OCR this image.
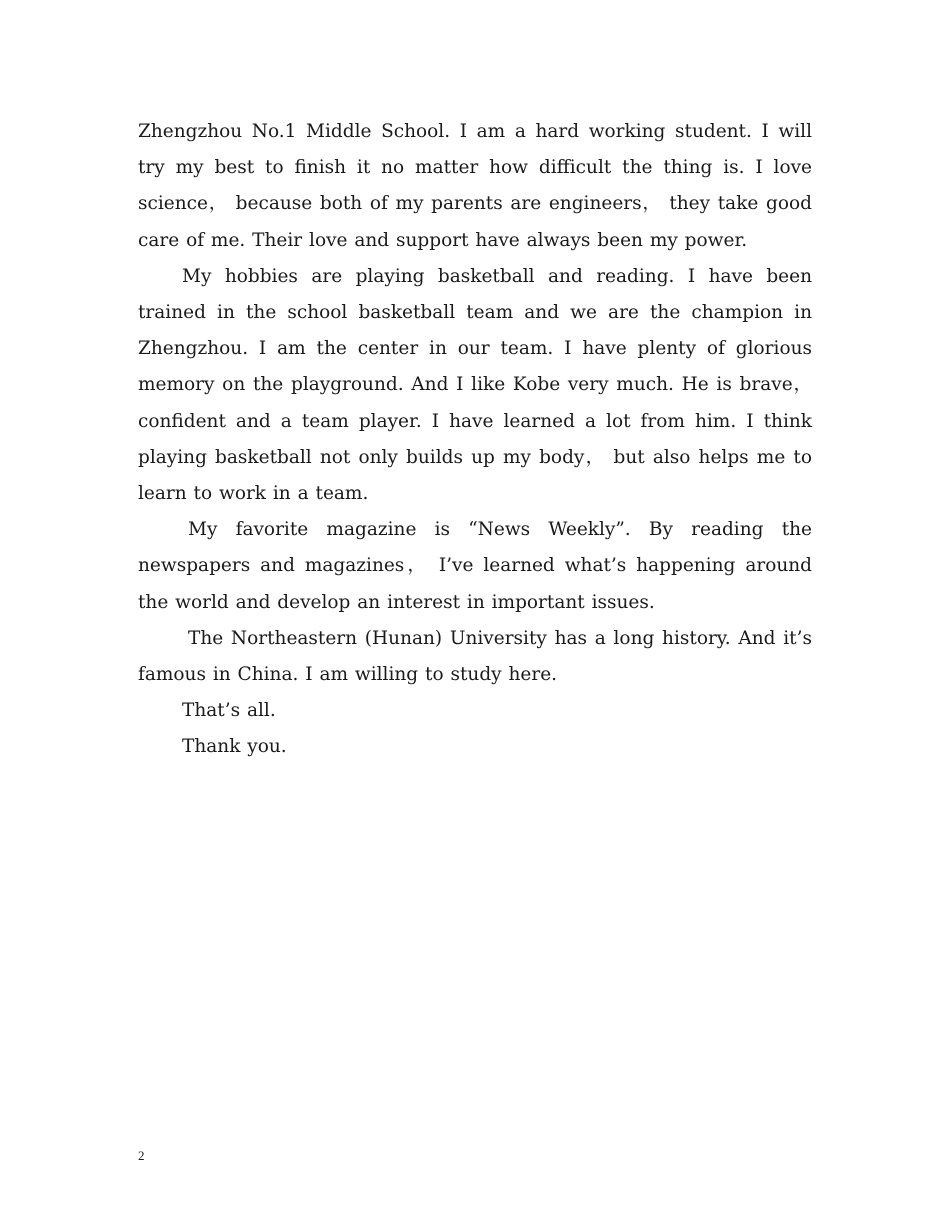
Zhengzhou No.1 Middle School. I am a hard working student. I will try my best to finish it no matter how difficult the thing is. I love science， because both of my parents are engineers， they take good care of me. Their love and support have always been my power.

My hobbies are playing basketball and reading. I have been trained in the school basketball team and we are the champion in Zhengzhou. I am the center in our team. I have plenty of glorious memory on the playground. And I like Kobe very much. He is brave， confident and a team player. I have learned a lot from him. I think playing basketball not only builds up my body， but also helps me to learn to work in a team.

My favorite magazine is “News Weekly”. By reading the newspapers and magazines， I’ve learned what’s happening around the world and develop an interest in important issues.

The Northeastern (Hunan) University has a long history. And it’s famous in China. I am willing to study here.

That’s all.

Thank you.

2
